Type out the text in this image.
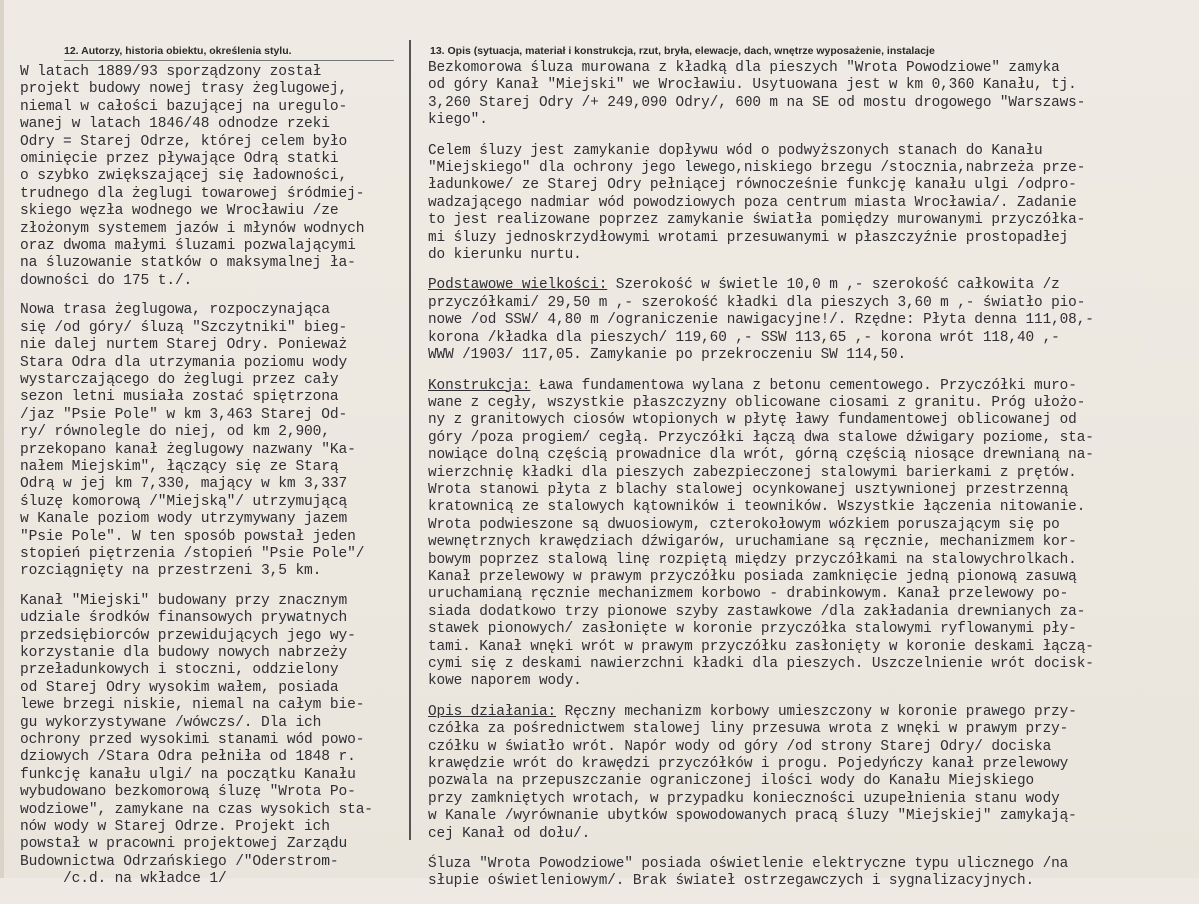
12. Autorzy, historia obiektu, określenia stylu.	13. Opis (sytuacja, materiał i konstrukcja, rzut, bryła, elewacje, dach, wnętrze wyposażenie, instalacje
W latach 1889/93 sporządzony został
projekt budowy nowej trasy żeglugowej,
niemal w całości bazującej na uregulo-
wanej w latach 1846/48 odnodze rzeki
Odry = Starej Odrze, której celem było
ominięcie przez pływające Odrą statki
o szybko zwiększającej się ładowności,
trudnego dla żeglugi towarowej śródmiej-
skiego węzła wodnego we Wrocławiu /ze
złożonym systemem jazów i młynów wodnych
oraz dwoma małymi śluzami pozwalającymi
na śluzowanie statków o maksymalnej ła-
downości do 175 t./.
Nowa trasa żeglugowa, rozpoczynająca
się /od góry/ śluzą "Szczytniki" bieg-
nie dalej nurtem Starej Odry. Ponieważ
Stara Odra dla utrzymania poziomu wody
wystarczającego do żeglugi przez cały
sezon letni musiała zostać spiętrzona
/jaz "Psie Pole" w km 3,463 Starej Od-
ry/ równolegle do niej, od km 2,900,
przekopano kanał żeglugowy nazwany "Ka-
nałem Miejskim", łączący się ze Starą
Odrą w jej km 7,330, mający w km 3,337
śluzę komorową /"Miejską"/ utrzymującą
w Kanale poziom wody utrzymywany jazem
"Psie Pole". W ten sposób powstał jeden
stopień piętrzenia /stopień "Psie Pole"/
rozciągnięty na przestrzeni 3,5 km.
Kanał "Miejski" budowany przy znacznym
udziale środków finansowych prywatnych
przedsiębiorców przewidujących jego wy-
korzystanie dla budowy nowych nabrzeży
przeładunkowych i stoczni, oddzielony
od Starej Odry wysokim wałem, posiada
lewe brzegi niskie, niemal na całym bie-
gu wykorzystywane /wówczs/. Dla ich
ochrony przed wysokimi stanami wód powo-
dziowych /Stara Odra pełniła od 1848 r.
funkcję kanału ulgi/ na początku Kanału
wybudowano bezkomorową śluzę "Wrota Po-
wodziowe", zamykane na czas wysokich sta-
nów wody w Starej Odrze. Projekt ich
powstał w pracowni projektowej Zarządu
Budownictwa Odrzańskiego /"Oderstrom-
/c.d. na wkładce 1/
Bezkomorowa śluza murowana z kładką dla pieszych "Wrota Powodziowe" zamyka
od góry Kanał "Miejski" we Wrocławiu. Usytuowana jest w km 0,360 Kanału, tj.
3,260 Starej Odry /+ 249,090 Odry/, 600 m na SE od mostu drogowego "Warszaws-
kiego".
Celem śluzy jest zamykanie dopływu wód o podwyższonych stanach do Kanału
"Miejskiego" dla ochrony jego lewego,niskiego brzegu /stocznia,nabrzeża prze-
ładunkowe/ ze Starej Odry pełniącej równocześnie funkcję kanału ulgi /odpro-
wadzającego nadmiar wód powodziowych poza centrum miasta Wrocławia/. Zadanie
to jest realizowane poprzez zamykanie światła pomiędzy murowanymi przyczółka-
mi śluzy jednoskrzydłowymi wrotami przesuwanymi w płaszczyźnie prostopadłej
do kierunku nurtu.
Podstawowe wielkości: Szerokość w świetle 10,0 m ,- szerokość całkowita /z
przyczółkami/ 29,50 m ,- szerokość kładki dla pieszych 3,60 m ,- światło pio-
nowe /od SSW/ 4,80 m /ograniczenie nawigacyjne!/. Rzędne: Płyta denna 111,08,-
korona /kładka dla pieszych/ 119,60 ,- SSW 113,65 ,- korona wrót 118,40 ,-
WWW /1903/ 117,05. Zamykanie po przekroczeniu SW 114,50.
Konstrukcja: Ława fundamentowa wylana z betonu cementowego. Przyczółki muro-
wane z cegły, wszystkie płaszczyzny oblicowane ciosami z granitu. Próg ułożo-
ny z granitowych ciosów wtopionych w płytę ławy fundamentowej oblicowanej od
góry /poza progiem/ cegłą. Przyczółki łączą dwa stalowe dźwigary poziome, sta-
nowiące dolną częścią prowadnice dla wrót, górną częścią niosące drewnianą na-
wierzchnię kładki dla pieszych zabezpieczonej stalowymi barierkami z prętów.
Wrota stanowi płyta z blachy stalowej ocynkowanej usztywnionej przestrzenną
kratownicą ze stalowych kątowników i teowników. Wszystkie łączenia nitowanie.
Wrota podwieszone są dwuosiowym, czterokołowym wózkiem poruszającym się po
wewnętrznych krawędziach dźwigarów, uruchamiane są ręcznie, mechanizmem kor-
bowym poprzez stalową linę rozpiętą między przyczółkami na stalowychrolkach.
Kanał przelewowy w prawym przyczółku posiada zamknięcie jedną pionową zasuwą
uruchamianą ręcznie mechanizmem korbowo - drabinkowym. Kanał przelewowy po-
siada dodatkowo trzy pionowe szyby zastawkowe /dla zakładania drewnianych za-
stawek pionowych/ zasłonięte w koronie przyczółka stalowymi ryflowanymi pły-
tami. Kanał wnęki wrót w prawym przyczółku zasłonięty w koronie deskami łączą-
cymi się z deskami nawierzchni kładki dla pieszych. Uszczelnienie wrót docisk-
kowe naporem wody.
Opis działania: Ręczny mechanizm korbowy umieszczony w koronie prawego przy-
czółka za pośrednictwem stalowej liny przesuwa wrota z wnęki w prawym przy-
czółku w światło wrót. Napór wody od góry /od strony Starej Odry/ dociska
krawędzie wrót do krawędzi przyczółków i progu. Pojedyńczy kanał przelewowy
pozwala na przepuszczanie ograniczonej ilości wody do Kanału Miejskiego
przy zamkniętych wrotach, w przypadku konieczności uzupełnienia stanu wody
w Kanale /wyrównanie ubytków spowodowanych pracą śluzy "Miejskiej" zamykają-
cej Kanał od dołu/.
Śluza "Wrota Powodziowe" posiada oświetlenie elektryczne typu ulicznego /na
słupie oświetleniowym/. Brak świateł ostrzegawczych i sygnalizacyjnych.
